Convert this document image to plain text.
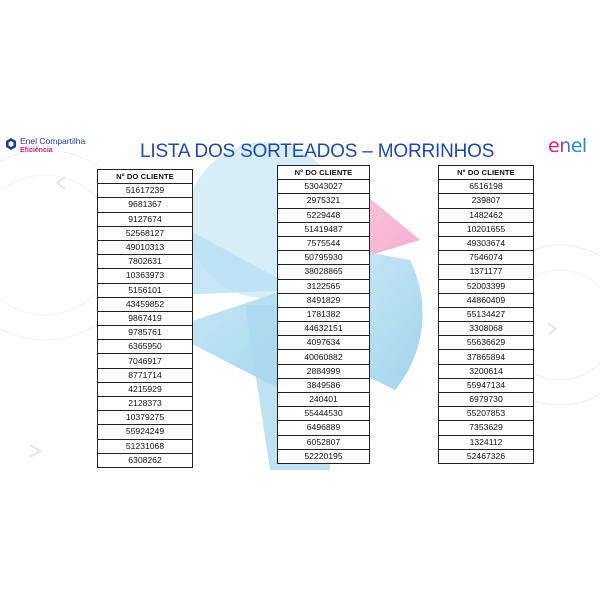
Enel Compartilha
Eficiência	enel
LISTA DOS SORTEADOS – MORRINHOS
Nº DO CLIENTE
51617239
9681367
9127674
52568127
49010313
7802631
10363973
5156101
43459852
9867419
9785761
6365950
7046917
8771714
4215929
2128373
10379275
55924249
51231068
6308262
Nº DO CLIENTE
53043027
2975321
5229448
51419487
7575544
50795930
38028865
3122565
8491829
1781382
44632151
4097634
40060882
2884999
3849586
240401
55444530
6496889
6052807
52220195
Nº DO CLIENTE
6516198
239807
1482462
10201655
49303674
7546074
1371177
52003399
44860409
55134427
3308068
55636629
37865894
3200614
55947134
6979730
55207853
7353629
1324112
52467326
